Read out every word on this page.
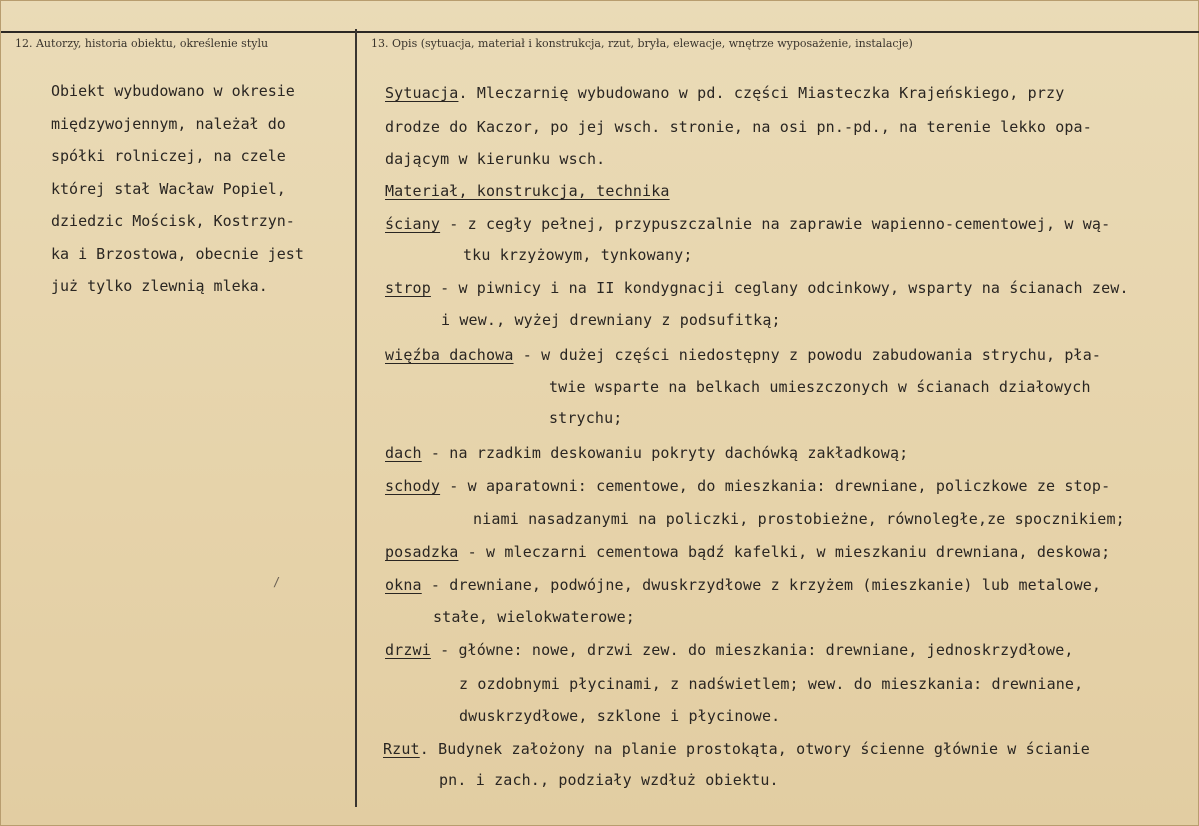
12. Autorzy, historia obiektu, określenie stylu	13. Opis (sytuacja, materiał i konstrukcja, rzut, bryła, elewacje, wnętrze wyposażenie, instalacje)
Obiekt wybudowano w okresie
międzywojennym, należał do
spółki rolniczej, na czele
której stał Wacław Popiel,
dziedzic Mościsk, Kostrzyn-
ka i Brzostowa, obecnie jest
już tylko zlewnią mleka.
/
Sytuacja. Mleczarnię wybudowano w pd. części Miasteczka Krajeńskiego, przy
drodze do Kaczor, po jej wsch. stronie, na osi pn.-pd., na terenie lekko opa-
dającym w kierunku wsch.
Materiał, konstrukcja, technika
ściany - z cegły pełnej, przypuszczalnie na zaprawie wapienno-cementowej, w wą-
tku krzyżowym, tynkowany;
strop - w piwnicy i na II kondygnacji ceglany odcinkowy, wsparty na ścianach zew.
i wew., wyżej drewniany z podsufitką;
więźba dachowa - w dużej części niedostępny z powodu zabudowania strychu, pła-
twie wsparte na belkach umieszczonych w ścianach działowych
strychu;
dach - na rzadkim deskowaniu pokryty dachówką zakładkową;
schody - w aparatowni: cementowe, do mieszkania: drewniane, policzkowe ze stop-
niami nasadzanymi na policzki, prostobieżne, równoległe,ze spocznikiem;
posadzka - w mleczarni cementowa bądź kafelki, w mieszkaniu drewniana, deskowa;
okna - drewniane, podwójne, dwuskrzydłowe z krzyżem (mieszkanie) lub metalowe,
stałe, wielokwaterowe;
drzwi - główne: nowe, drzwi zew. do mieszkania: drewniane, jednoskrzydłowe,
z ozdobnymi płycinami, z nadświetlem; wew. do mieszkania: drewniane,
dwuskrzydłowe, szklone i płycinowe.
Rzut. Budynek założony na planie prostokąta, otwory ścienne głównie w ścianie
pn. i zach., podziały wzdłuż obiektu.
